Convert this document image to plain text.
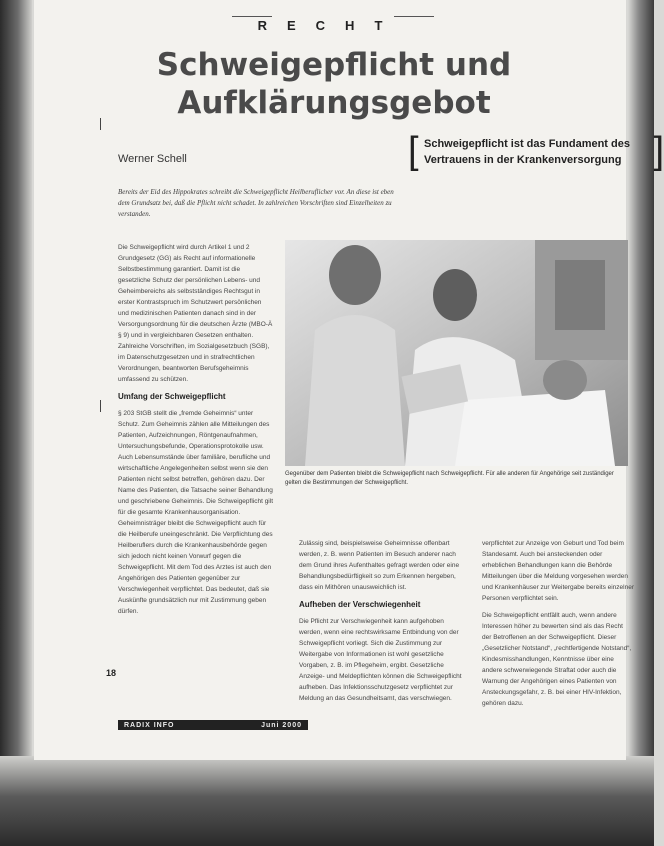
RECHT
Schweigepflicht und
Aufklärungsgebot
Werner Schell	[ Schweigepflicht ist das Fundament des
Vertrauens in der Krankenversorgung ]
Bereits der Eid des Hippokrates schreibt die Schweigepflicht Heilberuflicher vor. An diese ist eben dem Grundsatz bei, daß die Pflicht nicht schadet. In zahlreichen Vorschriften sind Einzelheiten zu verstanden.

Die Schweigepflicht wird durch Artikel 1 und 2 Grundgesetz (GG) als Recht auf informationelle Selbstbestimmung garantiert. Damit ist die gesetzliche Schutz der persönlichen Lebens- und Geheimbereichs als selbstständiges Rechtsgut in erster Kontrastspruch im Schutzwert persönlichen und medizinischen Patienten danach sind in der Versorgungsordnung für die deutschen Ärzte (MBO-Ä § 9) und in vergleichbaren Gesetzen enthalten. Zahlreiche Vorschriften, im Sozialgesetzbuch (SGB), im Datenschutzgesetzen und in strafrechtlichen Verordnungen, beantworten Berufsgeheimnis umfassend zu schützen.

Umfang der Schweigepflicht

§ 203 StGB stellt die „fremde Geheimnis“ unter Schutz. Zum Geheimnis zählen alle Mitteilungen des Patienten, Aufzeichnungen, Röntgenaufnahmen, Untersuchungsbefunde, Operationsprotokolle usw. Auch Lebensumstände über familiäre, berufliche und wirtschaftliche Angelegenheiten selbst wenn sie den Patienten nicht selbst betreffen, gehören dazu. Der Name des Patienten, die Tatsache seiner Behandlung und geschriebene Geheimnis. Die Schweigepflicht gilt für die gesamte Krankenhausorganisation. Geheimnisträger bleibt die Schweigepflicht auch für die Heilberufe uneingeschränkt. Die Verpflichtung des Heilberuflers durch die Krankenhausbehörde gegen sich jedoch nicht keinen Vorwurf gegen die Schweigepflicht. Mit dem Tod des Arztes ist auch den Angehörigen des Patienten gegenüber zur Verschwiegenheit verpflichtet. Das bedeutet, daß sie Auskünfte grundsätzlich nur mit Zustimmung geben dürfen.

Gegenüber dem Patienten bleibt die Schweigepflicht nach Schweigepflicht. Für alle anderen für Angehörige seit zuständiger gelten die Bestimmungen der Schweigepflicht.

Zulässig sind, beispielsweise Geheimnisse offenbart werden, z. B. wenn Patienten im Besuch anderer nach dem Grund ihres Aufenthaltes gefragt werden oder eine Behandlungsbedürftigkeit so zum Erkennen hergeben, dass ein Mithören unausweichlich ist.

Aufheben der Verschwiegenheit

Die Pflicht zur Verschwiegenheit kann aufgehoben werden, wenn eine rechtswirksame Entbindung von der Schweigepflicht vorliegt. Sich die Zustimmung zur Weitergabe von Informationen ist wohl gesetzliche Vorgaben, z. B. im Pflegeheim, ergibt. Gesetzliche Anzeige- und Meldepflichten können die Schweigepflicht aufheben. Das Infektionsschutzgesetz verpflichtet zur Meldung an das Gesundheitsamt, das verschwiegen.

verpflichtet zur Anzeige von Geburt und Tod beim Standesamt. Auch bei ansteckenden oder erheblichen Behandlungen kann die Behörde Mitteilungen über die Meldung vorgesehen werden und Krankenhäuser zur Weitergabe bereits einzelner Personen verpflichtet sein.

Die Schweigepflicht entfällt auch, wenn andere Interessen höher zu bewerten sind als das Recht der Betroffenen an der Schweigepflicht. Dieser „Gesetzlicher Notstand“, „rechtfertigende Notstand“, Kindesmisshandlungen, Kenntnisse über eine andere schwerwiegende Straftat oder auch die Warnung der Angehörigen eines Patienten von Ansteckungsgefahr, z. B. bei einer HIV-Infektion, gehören dazu.

18
RADIX INFO	Juni 2000
